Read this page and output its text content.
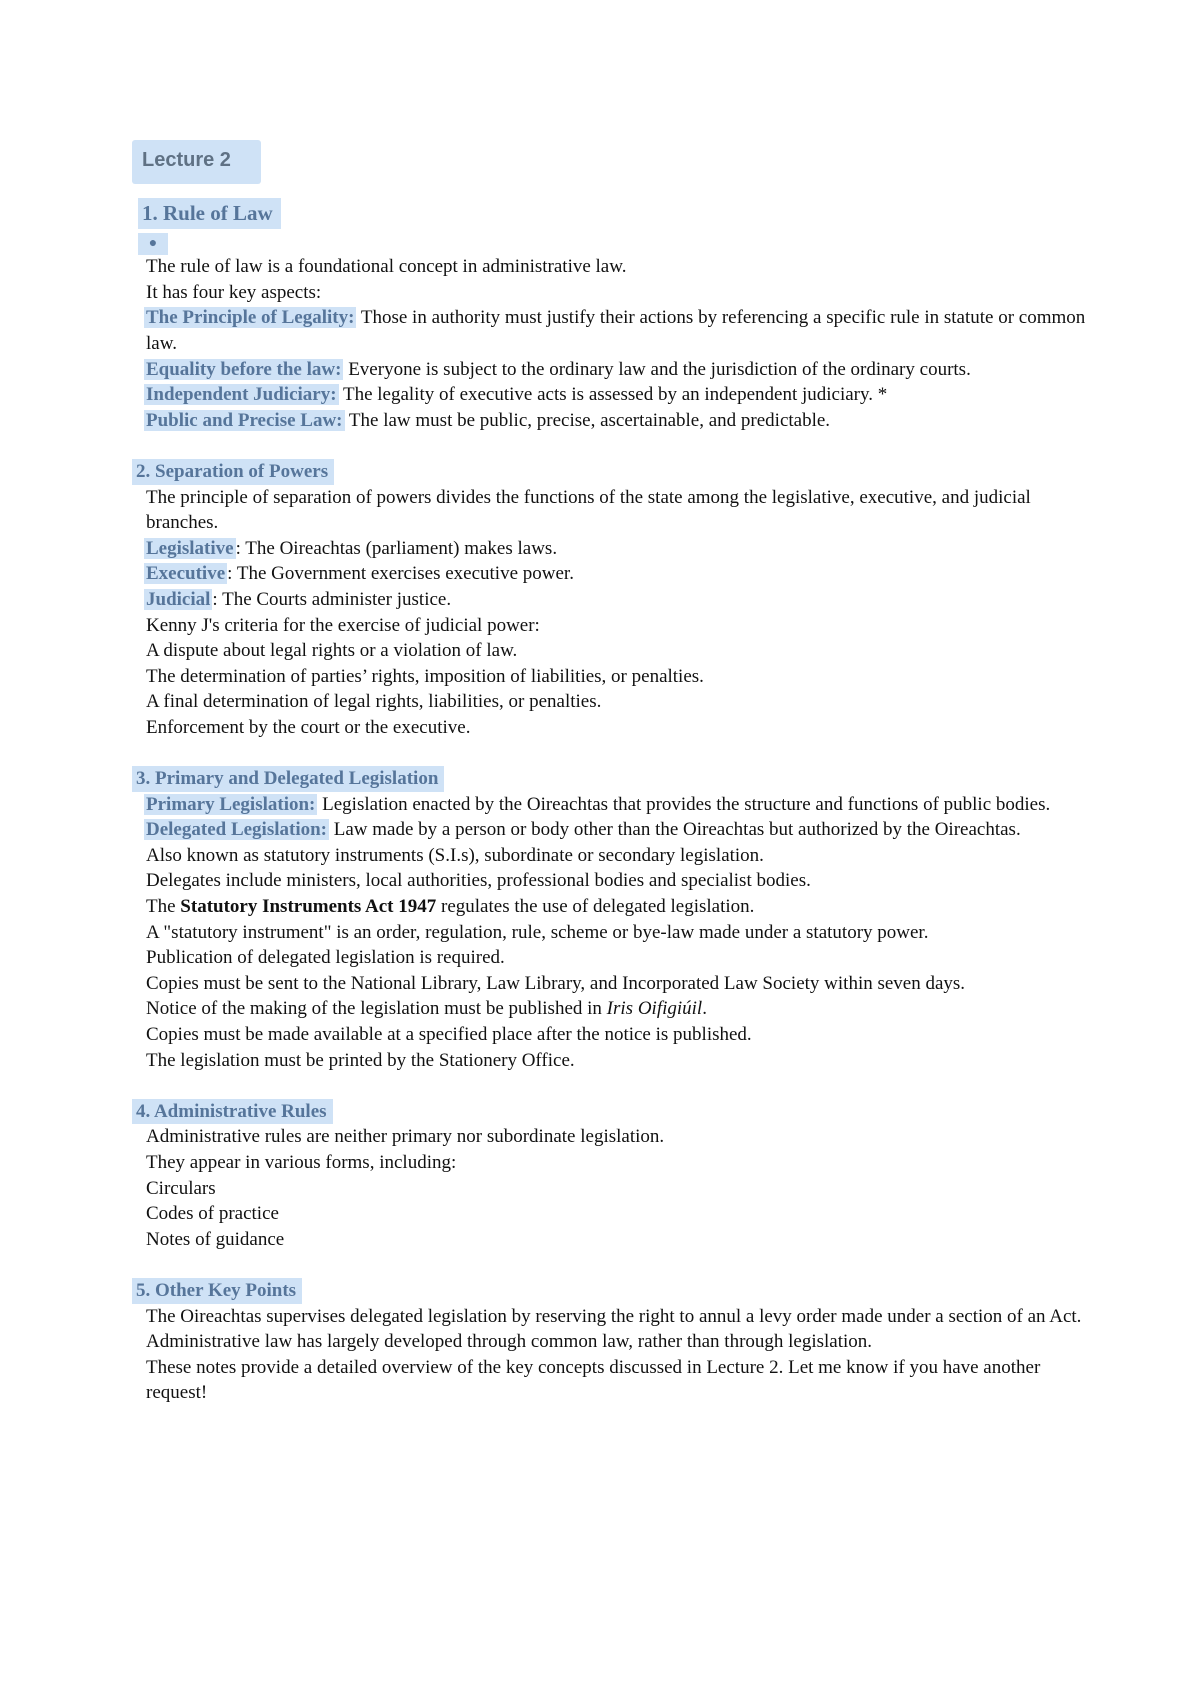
Lecture 2
1. Rule of Law
●

The rule of law is a foundational concept in administrative law.

It has four key aspects:

The Principle of Legality: Those in authority must justify their actions by referencing a specific rule in statute or common law.

Equality before the law: Everyone is subject to the ordinary law and the jurisdiction of the ordinary courts.

Independent Judiciary: The legality of executive acts is assessed by an independent judiciary. *

Public and Precise Law: The law must be public, precise, ascertainable, and predictable.

2. Separation of Powers

The principle of separation of powers divides the functions of the state among the legislative, executive, and judicial branches.

Legislative : The Oireachtas (parliament) makes laws.

Executive : The Government exercises executive power.

Judicial : The Courts administer justice.

Kenny J's criteria for the exercise of judicial power:

A dispute about legal rights or a violation of law.

The determination of parties’ rights, imposition of liabilities, or penalties.

A final determination of legal rights, liabilities, or penalties.

Enforcement by the court or the executive.

3. Primary and Delegated Legislation

Primary Legislation: Legislation enacted by the Oireachtas that provides the structure and functions of public bodies.

Delegated Legislation: Law made by a person or body other than the Oireachtas but authorized by the Oireachtas.

Also known as statutory instruments (S.I.s), subordinate or secondary legislation.

Delegates include ministers, local authorities, professional bodies and specialist bodies.

The Statutory Instruments Act 1947 regulates the use of delegated legislation.

A "statutory instrument" is an order, regulation, rule, scheme or bye-law made under a statutory power.

Publication of delegated legislation is required.

Copies must be sent to the National Library, Law Library, and Incorporated Law Society within seven days.

Notice of the making of the legislation must be published in Iris Oifigiúil.

Copies must be made available at a specified place after the notice is published.

The legislation must be printed by the Stationery Office.

4. Administrative Rules

Administrative rules are neither primary nor subordinate legislation.

They appear in various forms, including:

Circulars

Codes of practice

Notes of guidance

5. Other Key Points

The Oireachtas supervises delegated legislation by reserving the right to annul a levy order made under a section of an Act.

Administrative law has largely developed through common law, rather than through legislation.

These notes provide a detailed overview of the key concepts discussed in Lecture 2. Let me know if you have another request!
